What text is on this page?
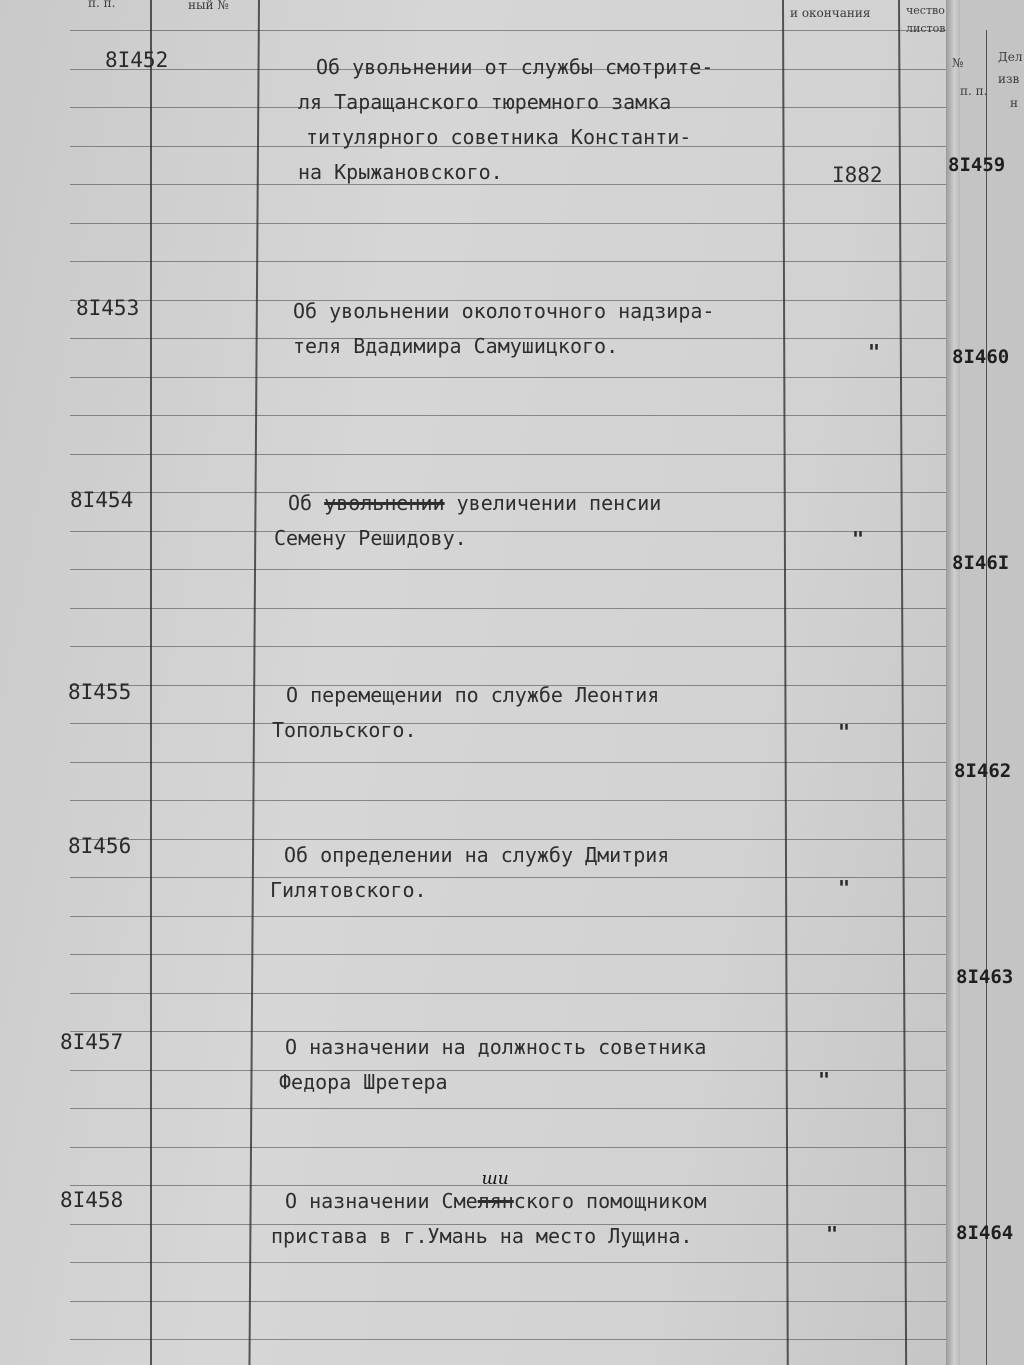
п. п.	ный №
и окончания	чество
листов
8I452	Об увольнении от службы смотрите-
ля Таращанского тюремного замка
титулярного советника Константи-
на Крыжановского.	I882
8I453	Об увольнении околоточного надзира-
теля Вдадимира Самушицкого.	"
8I454	Об увольнении увеличении пенсии
Семену Решидову.	"
8I455	О перемещении по службе Леонтия
Топольского.	"
8I456	Об определении на службу Дмитрия
Гилятовского.	"
8I457	О назначении на должность советника
Федора Шретера	"
8I458	О назначении Смелян
ши
ского помощником
пристава в г.Умань на место Лущина.	"
№
п. п.
Дел
изв
н
8I459
8I460
8I46I
8I462
8I463
8I464
